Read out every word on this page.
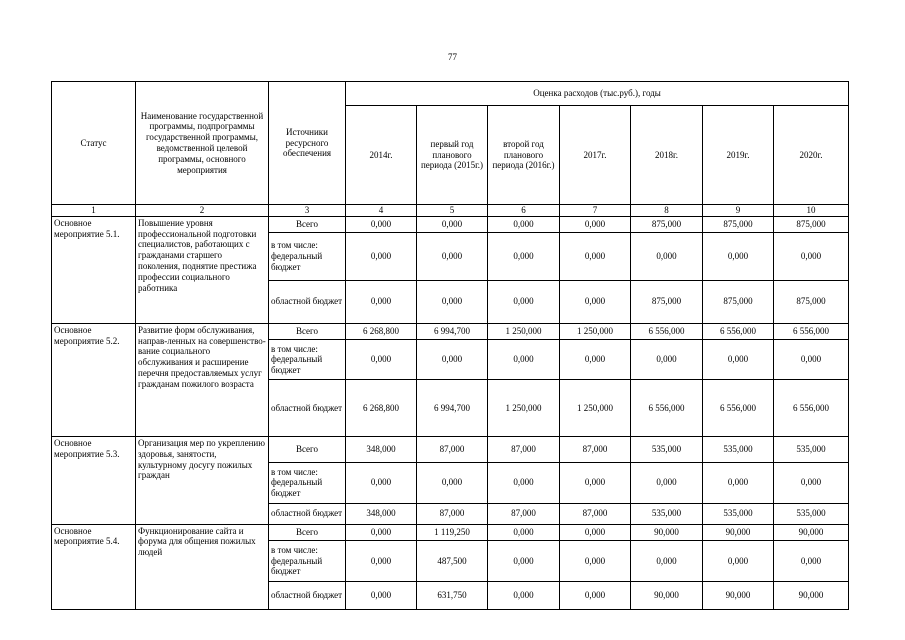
77
Статус	Наименование государственной программы, подпрограммы государственной программы, ведомственной целевой программы, основного мероприятия	Источники ресурсного обеспечения	Оценка расходов (тыс.руб.), годы						
			2014г.	первый год планового периода (2015г.)	второй год планового периода (2016г.)	2017г.	2018г.	2019г.	2020г.
1	2	3	4	5	6	7	8	9	10
Основное мероприятие 5.1.	Повышение уровня профессиональной подготовки специалистов, работающих с гражданами старшего поколения, поднятие престижа профессии социального работника	Всего	0,000	0,000	0,000	0,000	875,000	875,000	875,000
		в том числе: федеральный бюджет	0,000	0,000	0,000	0,000	0,000	0,000	0,000
		областной бюджет	0,000	0,000	0,000	0,000	875,000	875,000	875,000
Основное мероприятие 5.2.	Развитие форм обслуживания, направ-ленных на совершенство-вание социального обслуживания и расширение перечня предоставляемых услуг гражданам пожилого возраста	Всего	6 268,800	6 994,700	1 250,000	1 250,000	6 556,000	6 556,000	6 556,000
		в том числе: федеральный бюджет	0,000	0,000	0,000	0,000	0,000	0,000	0,000
		областной бюджет	6 268,800	6 994,700	1 250,000	1 250,000	6 556,000	6 556,000	6 556,000
Основное мероприятие 5.3.	Организация мер по укреплению здоровья, занятости, культурному досугу пожилых граждан	Всего	348,000	87,000	87,000	87,000	535,000	535,000	535,000
		в том числе: федеральный бюджет	0,000	0,000	0,000	0,000	0,000	0,000	0,000
		областной бюджет	348,000	87,000	87,000	87,000	535,000	535,000	535,000
Основное мероприятие 5.4.	Функционирование сайта и форума для общения пожилых людей	Всего	0,000	1 119,250	0,000	0,000	90,000	90,000	90,000
		в том числе: федеральный бюджет	0,000	487,500	0,000	0,000	0,000	0,000	0,000
		областной бюджет	0,000	631,750	0,000	0,000	90,000	90,000	90,000
